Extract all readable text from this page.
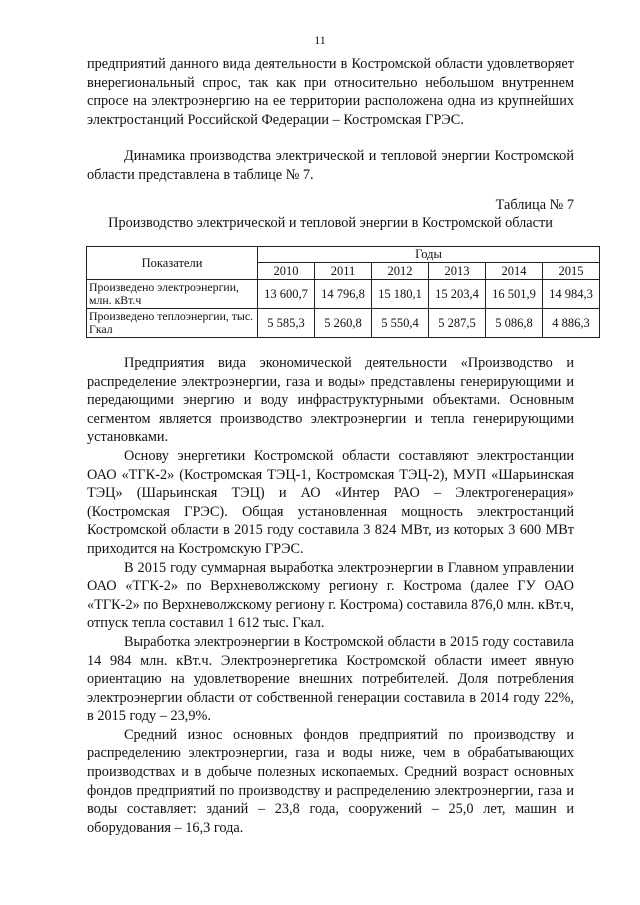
11

предприятий данного вида деятельности в Костромской области удовлетворяет внерегиональный спрос, так как при относительно небольшом внутреннем спросе на электроэнергию на ее территории расположена одна из крупнейших электростанций Российской Федерации – Костромская ГРЭС.

Динамика производства электрической и тепловой энергии Костромской области представлена в таблице № 7.

Таблица № 7
Производство электрической и тепловой энергии в Костромской области
Показатели	Годы					
	2010	2011	2012	2013	2014	2015
Произведено электроэнергии, млн. кВт.ч	13 600,7	14 796,8	15 180,1	15 203,4	16 501,9	14 984,3
Произведено теплоэнергии, тыс. Гкал	5 585,3	5 260,8	5 550,4	5 287,5	5 086,8	4 886,3

Предприятия вида экономической деятельности «Производство и распределение электроэнергии, газа и воды» представлены генерирующими и передающими энергию и воду инфраструктурными объектами. Основным сегментом является производство электроэнергии и тепла генерирующими установками.

Основу энергетики Костромской области составляют электростанции ОАО «ТГК-2» (Костромская ТЭЦ-1, Костромская ТЭЦ-2), МУП «Шарьинская ТЭЦ» (Шарьинская ТЭЦ) и АО «Интер РАО – Электрогенерация» (Костромская ГРЭС). Общая установленная мощность электростанций Костромской области в 2015 году составила 3 824 МВт, из которых 3 600 МВт приходится на Костромскую ГРЭС.

В 2015 году суммарная выработка электроэнергии в Главном управлении ОАО «ТГК-2» по Верхневолжскому региону г. Кострома (далее ГУ ОАО «ТГК-2» по Верхневолжскому региону г. Кострома) составила 876,0 млн. кВт.ч, отпуск тепла составил 1 612 тыс. Гкал.

Выработка электроэнергии в Костромской области в 2015 году составила 14 984 млн. кВт.ч. Электроэнергетика Костромской области имеет явную ориентацию на удовлетворение внешних потребителей. Доля потребления электроэнергии области от собственной генерации составила в 2014 году 22%, в 2015 году – 23,9%.

Средний износ основных фондов предприятий по производству и распределению электроэнергии, газа и воды ниже, чем в обрабатывающих производствах и в добыче полезных ископаемых. Средний возраст основных фондов предприятий по производству и распределению электроэнергии, газа и воды составляет: зданий – 23,8 года, сооружений – 25,0 лет, машин и оборудования – 16,3 года.
